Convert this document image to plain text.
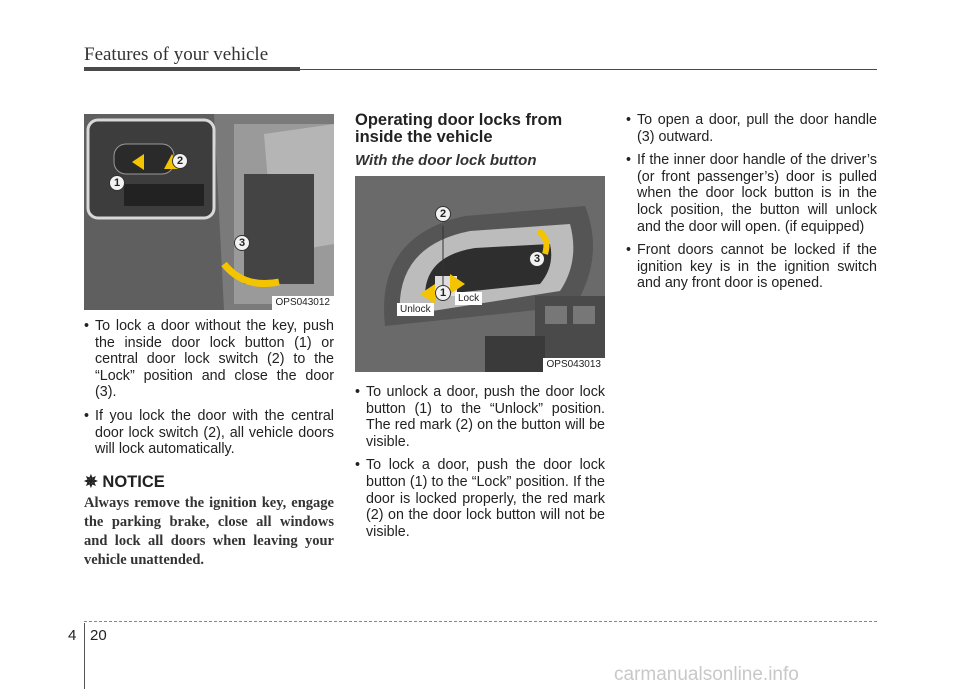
Features of your vehicle
1
2
3
OPS043012
• To lock a door without the key, push the inside door lock button (1) or central door lock switch (2) to the “Lock” position and close the door (3).
• If you lock the door with the central door lock switch (2), all vehicle doors will lock automatically.
✵ NOTICE
Always remove the ignition key, engage the parking brake, close all windows and lock all doors when leaving your vehicle unattended.
Operating door locks from inside the vehicle
With the door lock button
2
3
1
Unlock
Lock
OPS043013
• To unlock a door, push the door lock button (1) to the “Unlock” position. The red mark (2) on the button will be visible.
• To lock a door, push the door lock button (1) to the “Lock” position. If the door is locked properly, the red mark (2) on the door lock button will not be visible.
• To open a door, pull the door handle (3) outward.
• If the inner door handle of the driver’s (or front passenger’s) door is pulled when the door lock button is in the lock position, the button will unlock and the door will open. (if equipped)
• Front doors cannot be locked if the ignition key is in the ignition switch and any front door is opened.
4 20
carmanualsonline.info
